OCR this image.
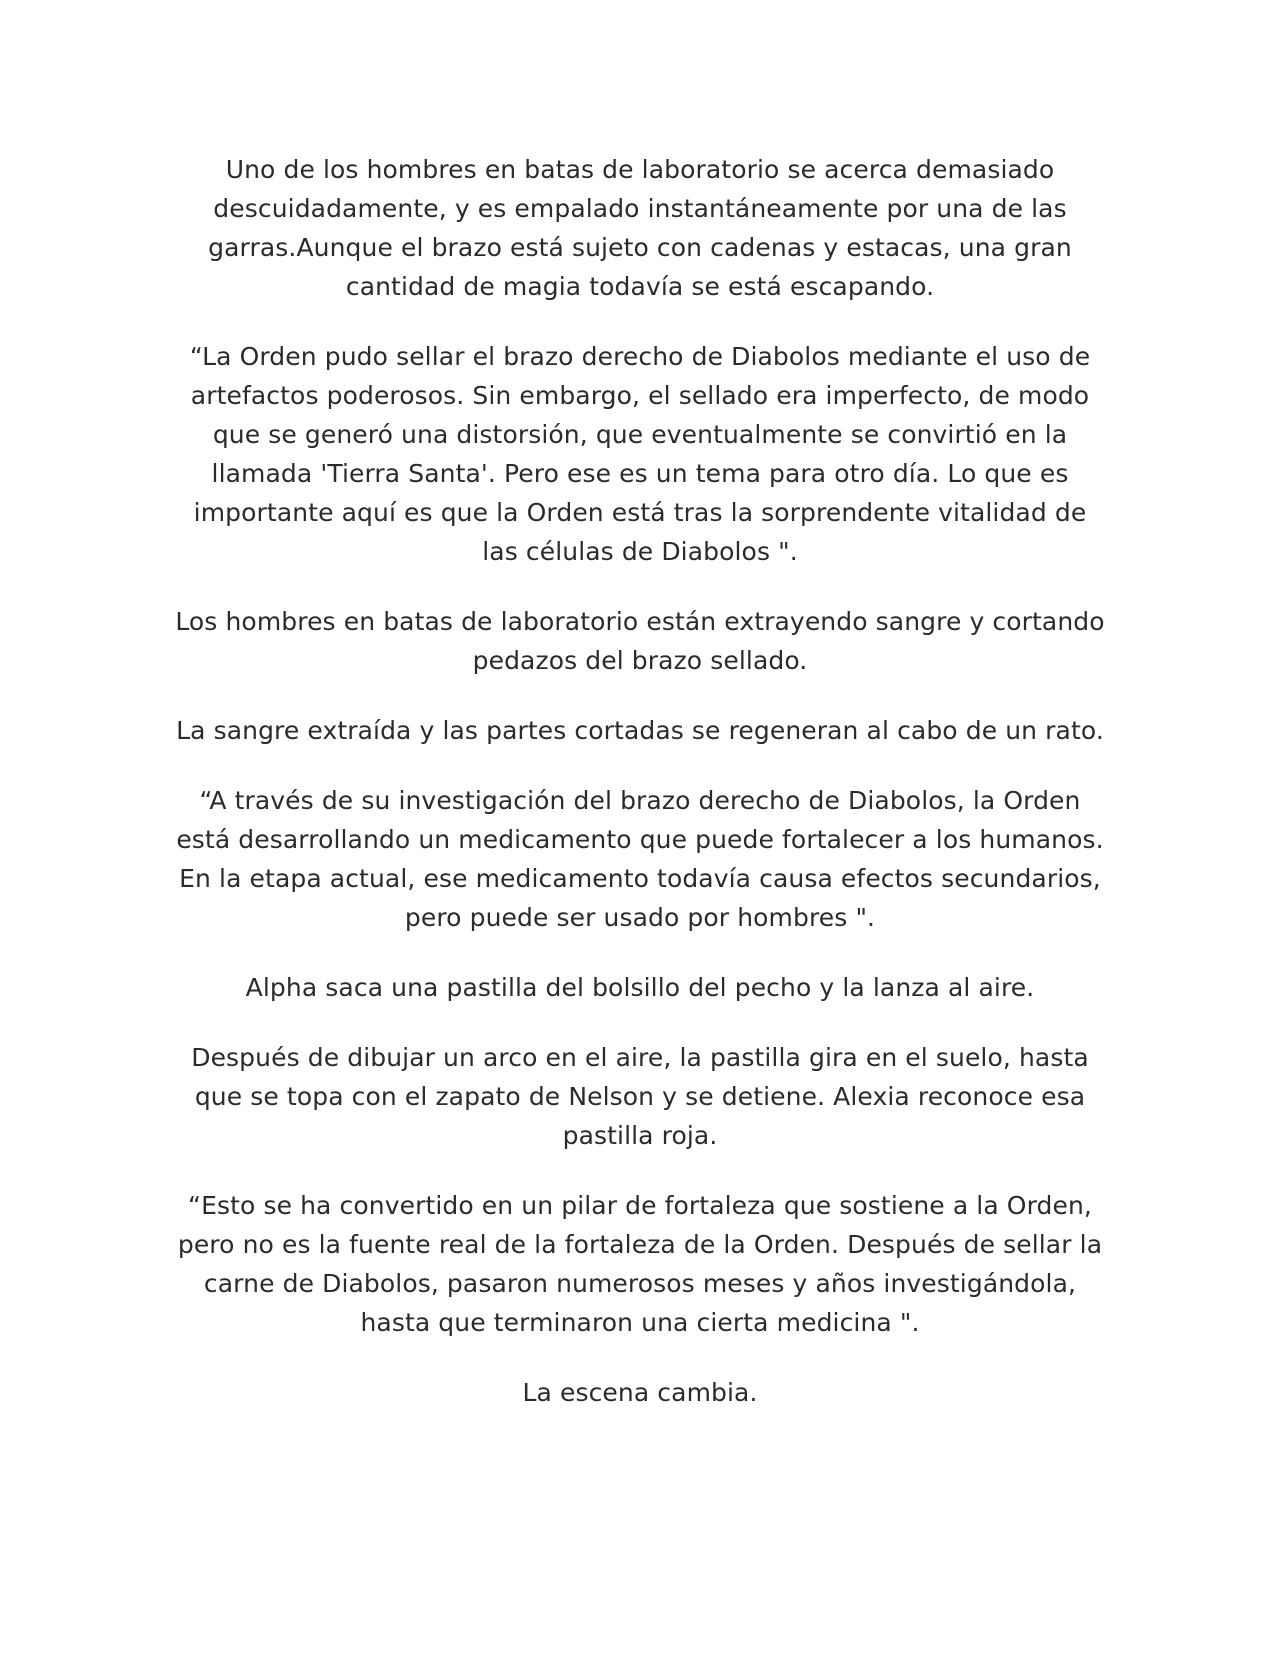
Uno de los hombres en batas de laboratorio se acerca demasiado descuidadamente, y es empalado instantáneamente por una de las garras.Aunque el brazo está sujeto con cadenas y estacas, una gran cantidad de magia todavía se está escapando.

“La Orden pudo sellar el brazo derecho de Diabolos mediante el uso de artefactos poderosos. Sin embargo, el sellado era imperfecto, de modo que se generó una distorsión, que eventualmente se convirtió en la llamada 'Tierra Santa'. Pero ese es un tema para otro día. Lo que es importante aquí es que la Orden está tras la sorprendente vitalidad de las células de Diabolos ".

Los hombres en batas de laboratorio están extrayendo sangre y cortando pedazos del brazo sellado.

La sangre extraída y las partes cortadas se regeneran al cabo de un rato.

“A través de su investigación del brazo derecho de Diabolos, la Orden está desarrollando un medicamento que puede fortalecer a los humanos. En la etapa actual, ese medicamento todavía causa efectos secundarios, pero puede ser usado por hombres ".

Alpha saca una pastilla del bolsillo del pecho y la lanza al aire.

Después de dibujar un arco en el aire, la pastilla gira en el suelo, hasta que se topa con el zapato de Nelson y se detiene. Alexia reconoce esa pastilla roja.

“Esto se ha convertido en un pilar de fortaleza que sostiene a la Orden, pero no es la fuente real de la fortaleza de la Orden. Después de sellar la carne de Diabolos, pasaron numerosos meses y años investigándola, hasta que terminaron una cierta medicina ".

La escena cambia.
